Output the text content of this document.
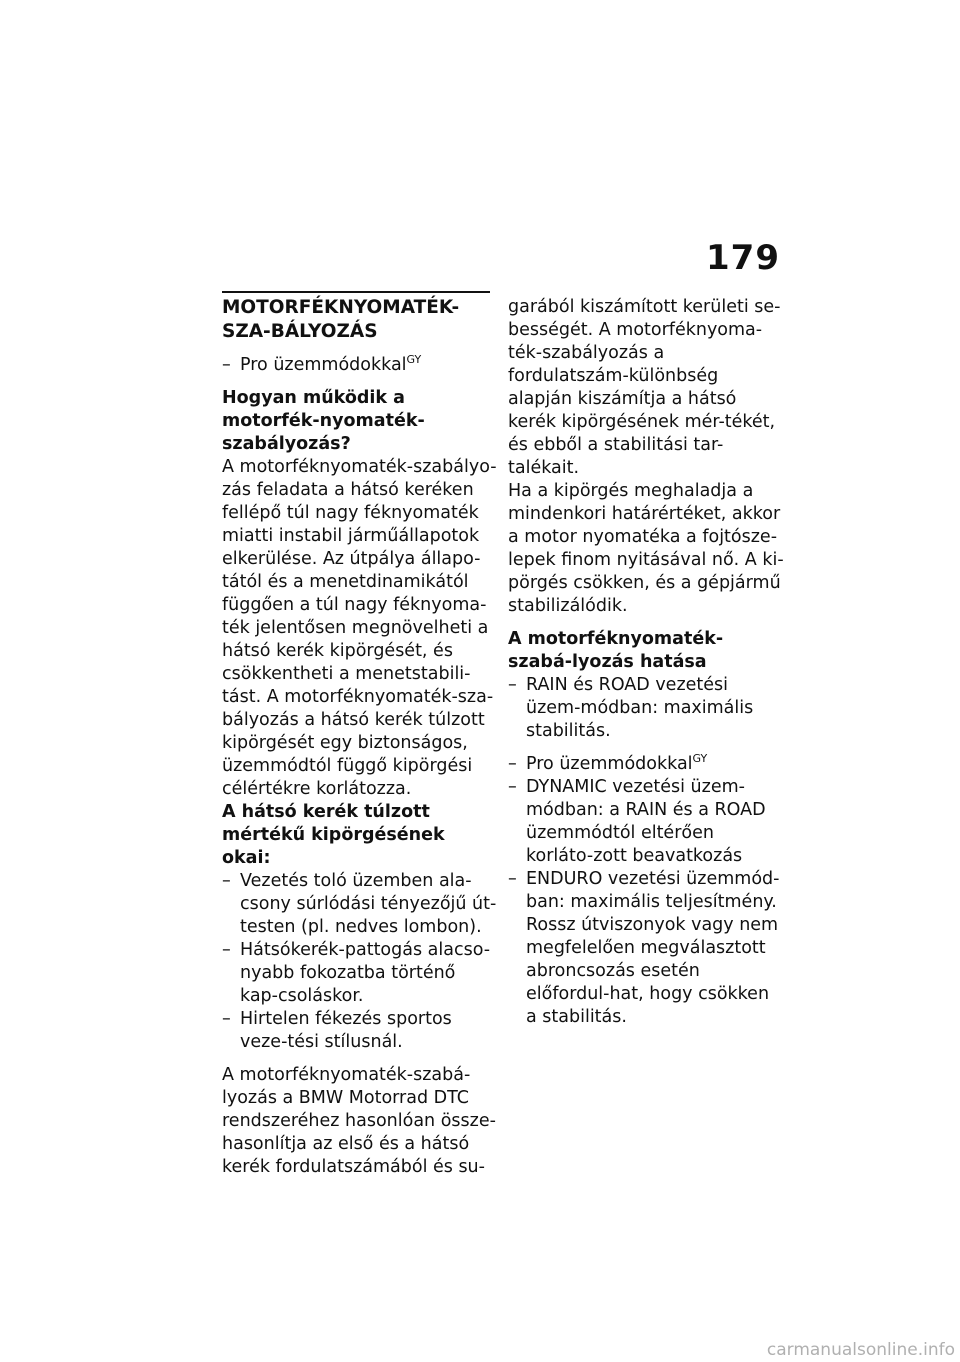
179
MOTORFÉKNYOMATÉK-SZA-BÁLYOZÁS
– Pro üzemmódokkal$^{GY}$
Hogyan működik a motorfék-nyomaték-szabályozás?

A motorféknyomaték-szabályo-zás feladata a hátsó keréken fellépő túl nagy féknyomaték miatti instabil járműállapotok elkerülése. Az útpálya állapo-tától és a menetdinamikától függően a túl nagy féknyoma-ték jelentősen megnövelheti a hátsó kerék kipörgését, és csökkentheti a menetstabili-tást. A motorféknyomaték-sza-bályozás a hátsó kerék túlzott kipörgését egy biztonságos, üzemmódtól függő kipörgési célértékre korlátozza.

A hátsó kerék túlzott mértékű kipörgésének okai:
– Vezetés toló üzemben ala-csony súrlódási tényezőjű út-testen (pl. nedves lombon).
– Hátsókerék-pattogás alacso-nyabb fokozatba történő kap-csoláskor.
– Hirtelen fékezés sportos veze-tési stílusnál.

A motorféknyomaték-szabá-lyozás a BMW Motorrad DTC rendszeréhez hasonlóan össze-hasonlítja az első és a hátsó kerék fordulatszámából és su-

garából kiszámított kerületi se-bességét. A motorféknyoma-ték-szabályozás a fordulatszám-különbség alapján kiszámítja a hátsó kerék kipörgésének mér-tékét, és ebből a stabilitási tar-talékait.

Ha a kipörgés meghaladja a mindenkori határértéket, akkor a motor nyomatéka a fojtósze-lepek finom nyitásával nő. A ki-pörgés csökken, és a gépjármű stabilizálódik.

A motorféknyomaték-szabá-lyozás hatása
– RAIN és ROAD vezetési üzem-módban: maximális stabilitás.
– Pro üzemmódokkal$^{GY}$
– DYNAMIC vezetési üzem-módban: a RAIN és a ROAD üzemmódtól eltérően korláto-zott beavatkozás
– ENDURO vezetési üzemmód-ban: maximális teljesítmény. Rossz útviszonyok vagy nem megfelelően megválasztott abroncsozás esetén előfordul-hat, hogy csökken a stabilitás.
carmanualsonline.info
